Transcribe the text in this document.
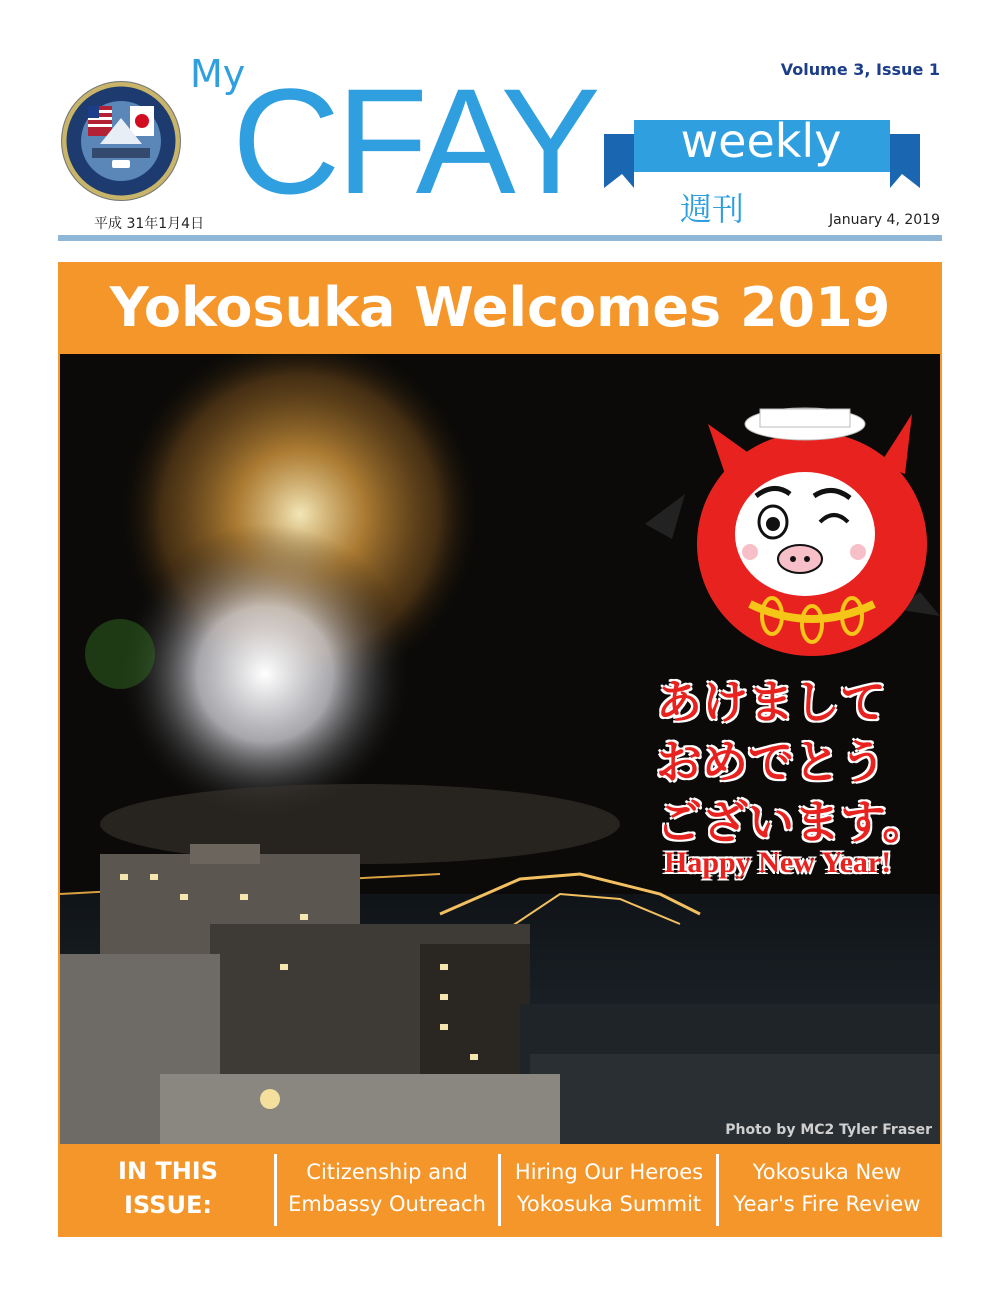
My
CFAY	Volume 3, Issue 1
weekly
週刊
平成 31年1月4日	January 4, 2019
Yokosuka Welcomes 2019
あけまして
おめでとう
ございます。
Happy New Year!
Photo by MC2 Tyler Fraser
IN THIS
ISSUE:
Citizenship and
Embassy Outreach
Hiring Our Heroes
Yokosuka Summit
Yokosuka New
Year's Fire Review
